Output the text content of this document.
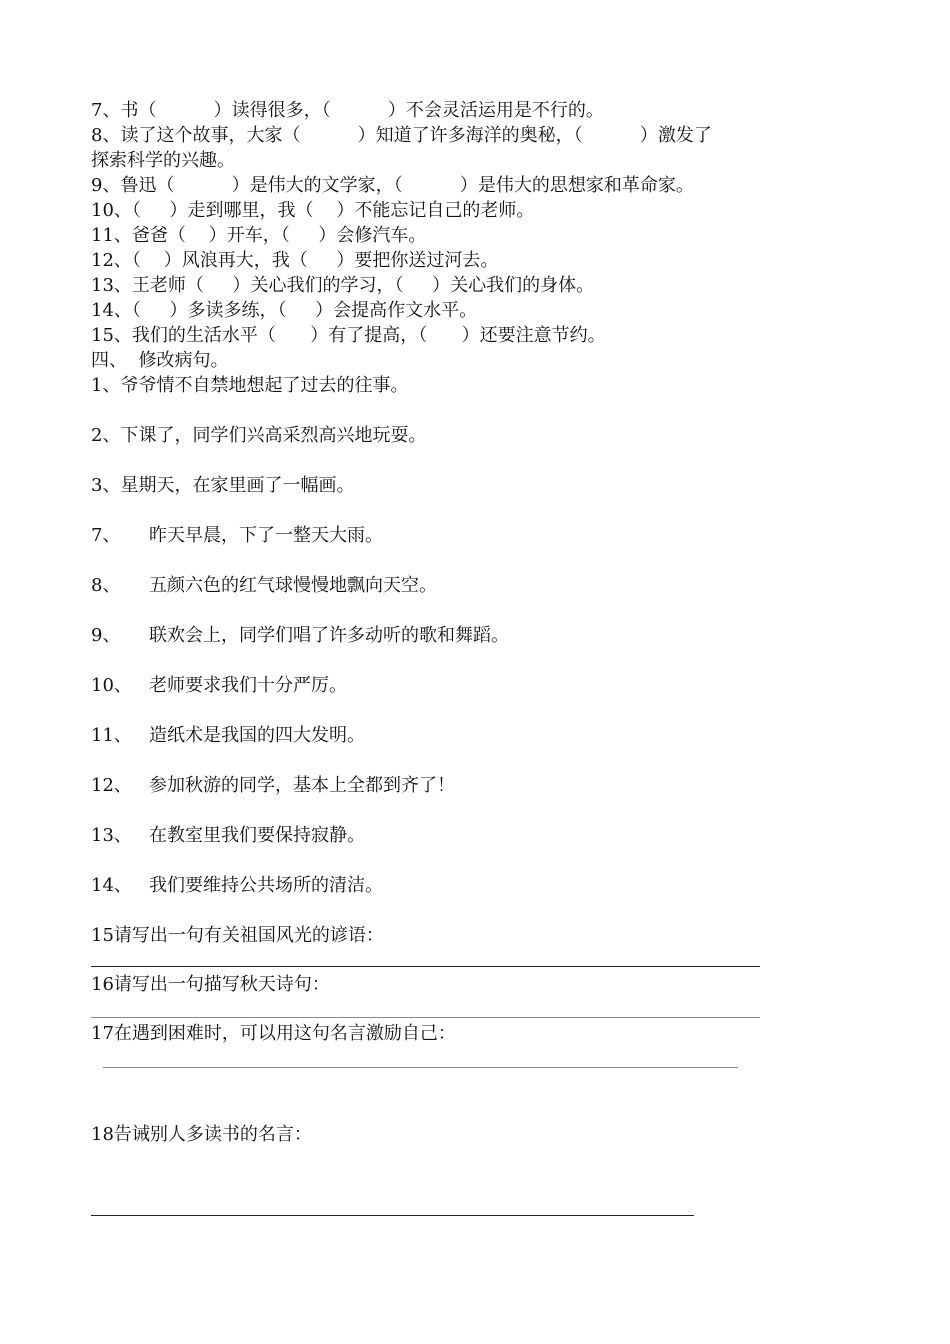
7、书（          ）读得很多，（          ）不会灵活运用是不行的。
8、读了这个故事，大家（          ）知道了许多海洋的奥秘，（          ）激发了
探索科学的兴趣。
9、鲁迅（          ）是伟大的文学家，（          ）是伟大的思想家和革命家。
10、（     ）走到哪里，我（    ）不能忘记自己的老师。
11、爸爸（    ）开车，（     ）会修汽车。
12、（    ）风浪再大，我（     ）要把你送过河去。
13、王老师（     ）关心我们的学习，（     ）关心我们的身体。
14、（     ）多读多练，（     ）会提高作文水平。
15、我们的生活水平（      ）有了提高，（      ）还要注意节约。
四、  修改病句。
1、爷爷情不自禁地想起了过去的往事。
2、下课了，同学们兴高采烈高兴地玩耍。
3、星期天，在家里画了一幅画。
7、 昨天早晨，下了一整天大雨。
8、 五颜六色的红气球慢慢地飘向天空。
9、 联欢会上，同学们唱了许多动听的歌和舞蹈。
10、 老师要求我们十分严厉。
11、 造纸术是我国的四大发明。
12、 参加秋游的同学，基本上全都到齐了！
13、 在教室里我们要保持寂静。
14、 我们要维持公共场所的清洁。
15请写出一句有关祖国风光的谚语：
16请写出一句描写秋天诗句：
17在遇到困难时，可以用这句名言激励自己：
18告诫别人多读书的名言：
